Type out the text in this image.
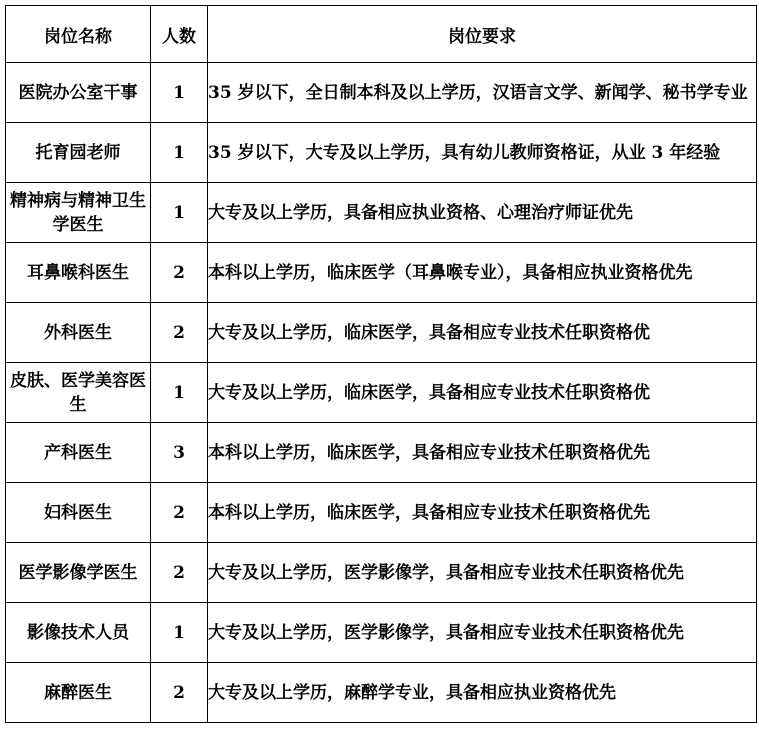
岗位名称	人数	岗位要求
医院办公室干事	1	35 岁以下，全日制本科及以上学历，汉语言文学、新闻学、秘书学专业
托育园老师	1	35 岁以下，大专及以上学历，具有幼儿教师资格证，从业 3 年经验
精神病与精神卫生学医生	1	大专及以上学历，具备相应执业资格、心理治疗师证优先
耳鼻喉科医生	2	本科以上学历，临床医学（耳鼻喉专业），具备相应执业资格优先
外科医生	2	大专及以上学历，临床医学，具备相应专业技术任职资格优
皮肤、医学美容医生	1	大专及以上学历，临床医学，具备相应专业技术任职资格优
产科医生	3	本科以上学历，临床医学，具备相应专业技术任职资格优先
妇科医生	2	本科以上学历，临床医学，具备相应专业技术任职资格优先
医学影像学医生	2	大专及以上学历，医学影像学，具备相应专业技术任职资格优先
影像技术人员	1	大专及以上学历，医学影像学，具备相应专业技术任职资格优先
麻醉医生	2	大专及以上学历，麻醉学专业，具备相应执业资格优先
